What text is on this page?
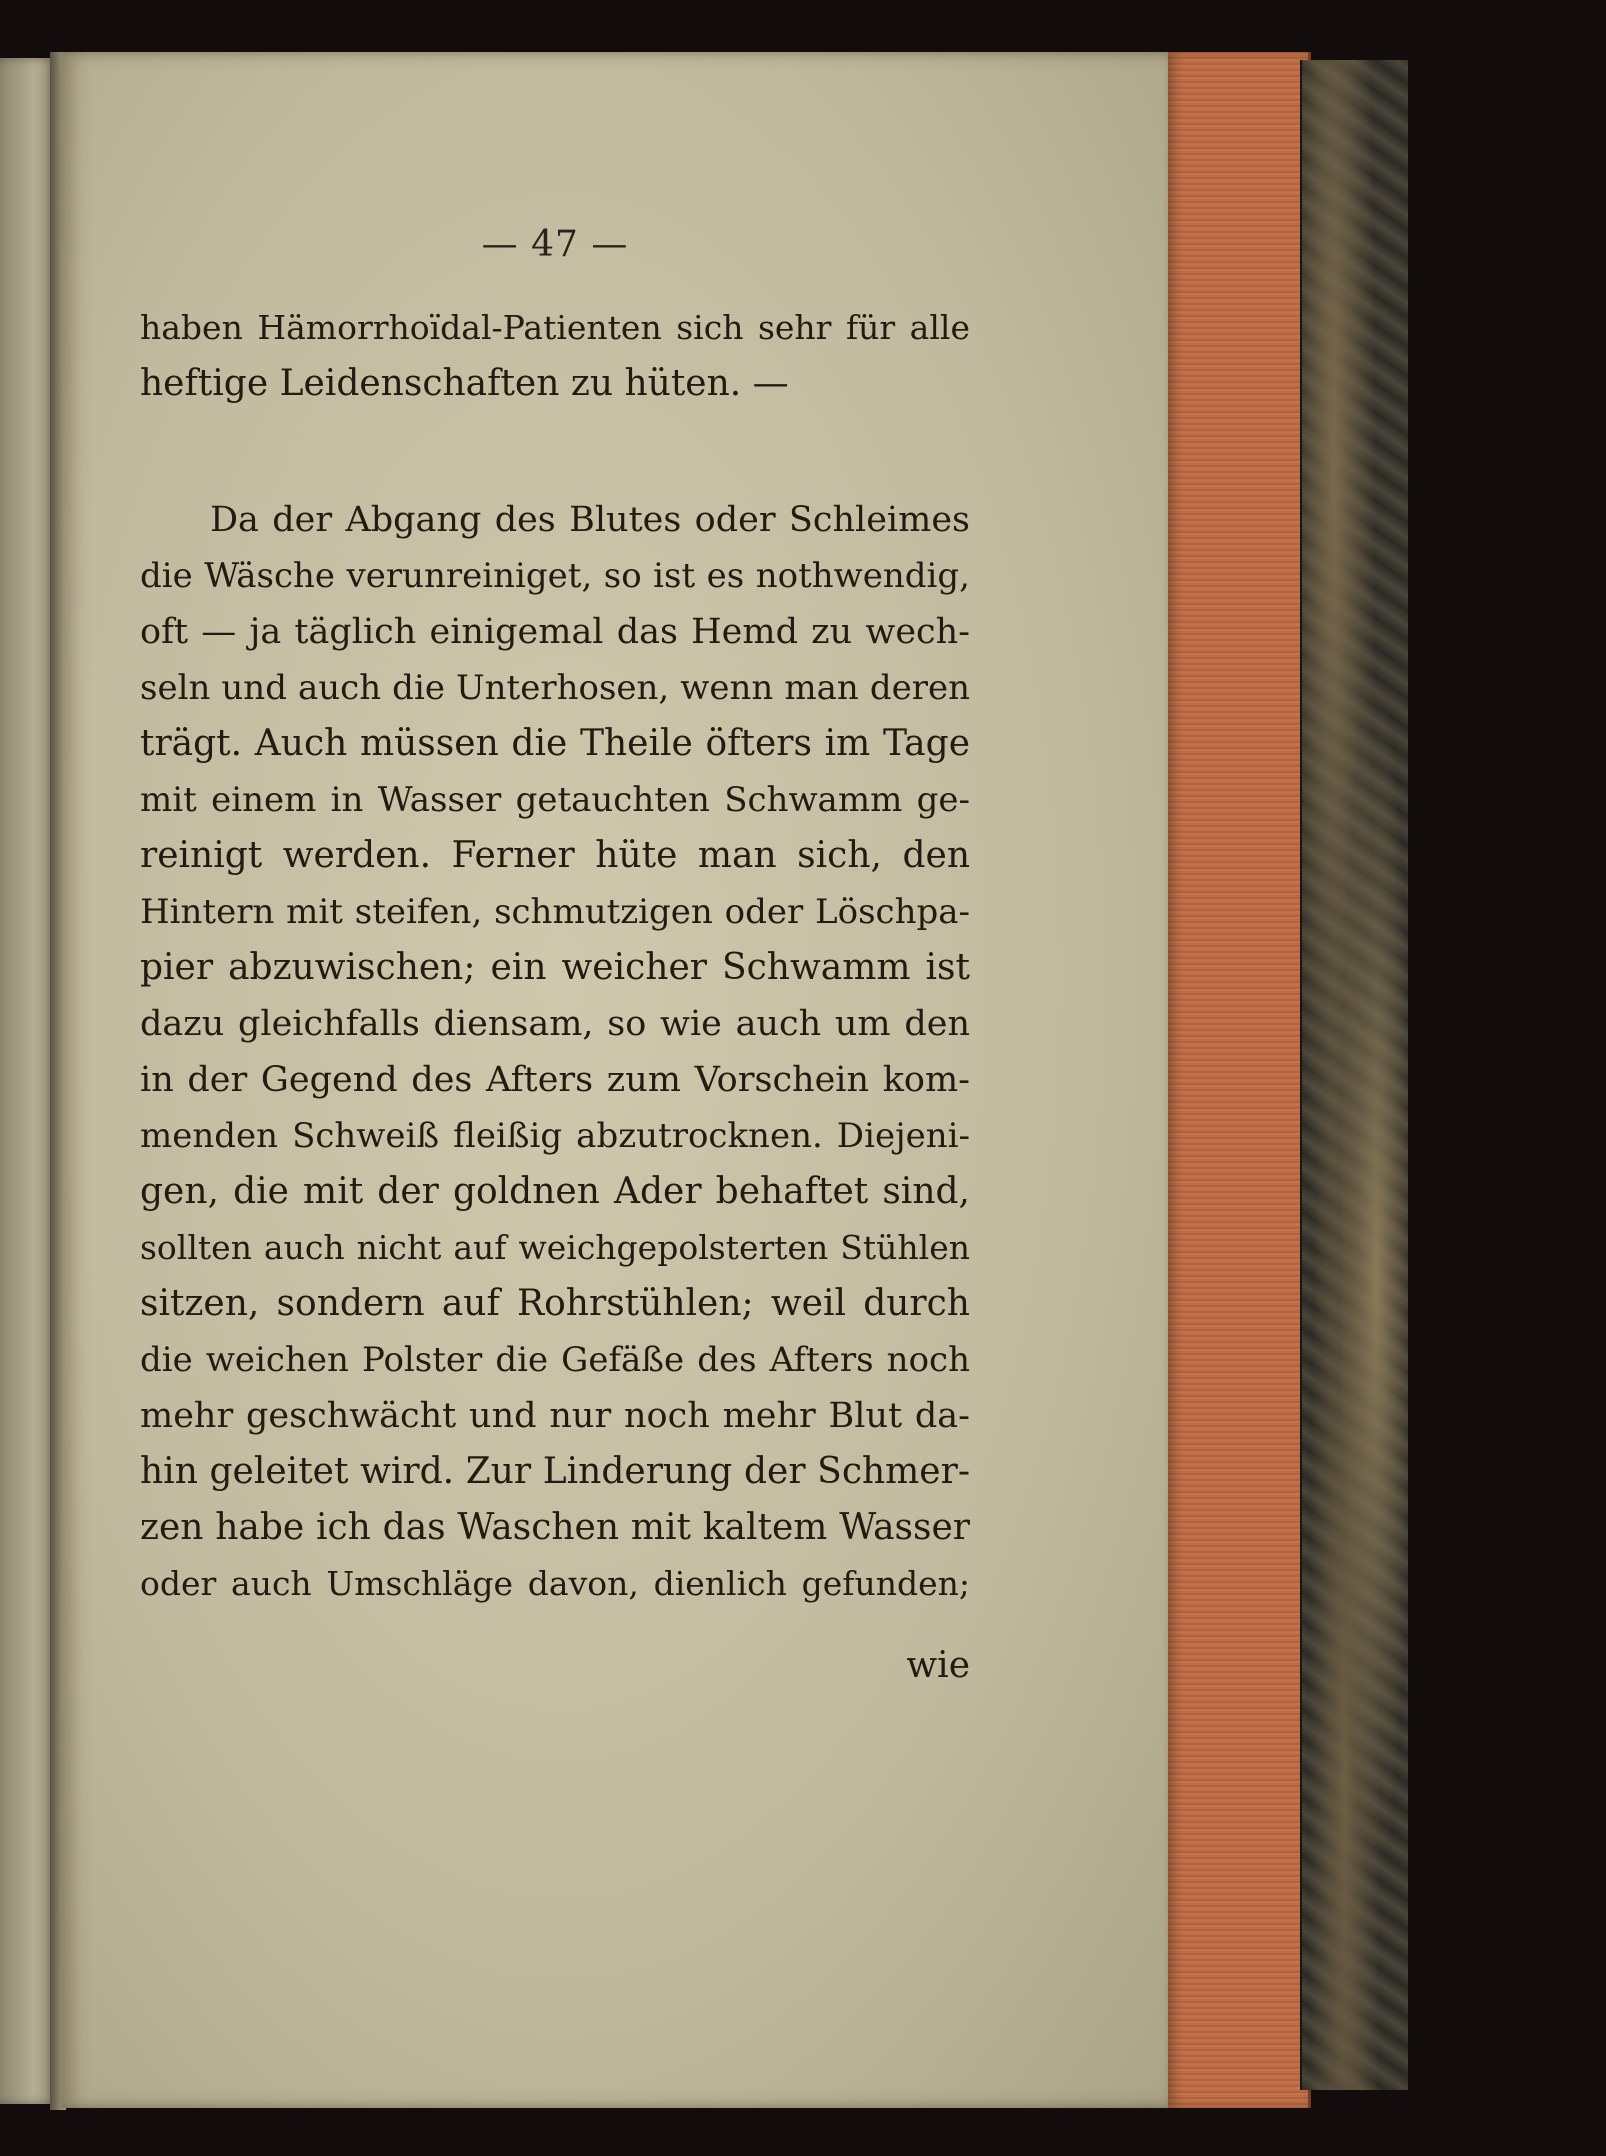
— 47 —
haben Hämorrhoïdal-Patienten sich sehr für alle
heftige Leidenschaften zu hüten. —
Da der Abgang des Blutes oder Schleimes
die Wäsche verunreiniget, so ist es nothwendig,
oft — ja täglich einigemal das Hemd zu wech-
seln und auch die Unterhosen, wenn man deren
trägt. Auch müssen die Theile öfters im Tage
mit einem in Wasser getauchten Schwamm ge-
reinigt werden. Ferner hüte man sich, den
Hintern mit steifen, schmutzigen oder Löschpa-
pier abzuwischen; ein weicher Schwamm ist
dazu gleichfalls diensam, so wie auch um den
in der Gegend des Afters zum Vorschein kom-
menden Schweiß fleißig abzutrocknen. Diejeni-
gen, die mit der goldnen Ader behaftet sind,
sollten auch nicht auf weichgepolsterten Stühlen
sitzen, sondern auf Rohrstühlen; weil durch
die weichen Polster die Gefäße des Afters noch
mehr geschwächt und nur noch mehr Blut da-
hin geleitet wird. Zur Linderung der Schmer-
zen habe ich das Waschen mit kaltem Wasser
oder auch Umschläge davon, dienlich gefunden;
wie
